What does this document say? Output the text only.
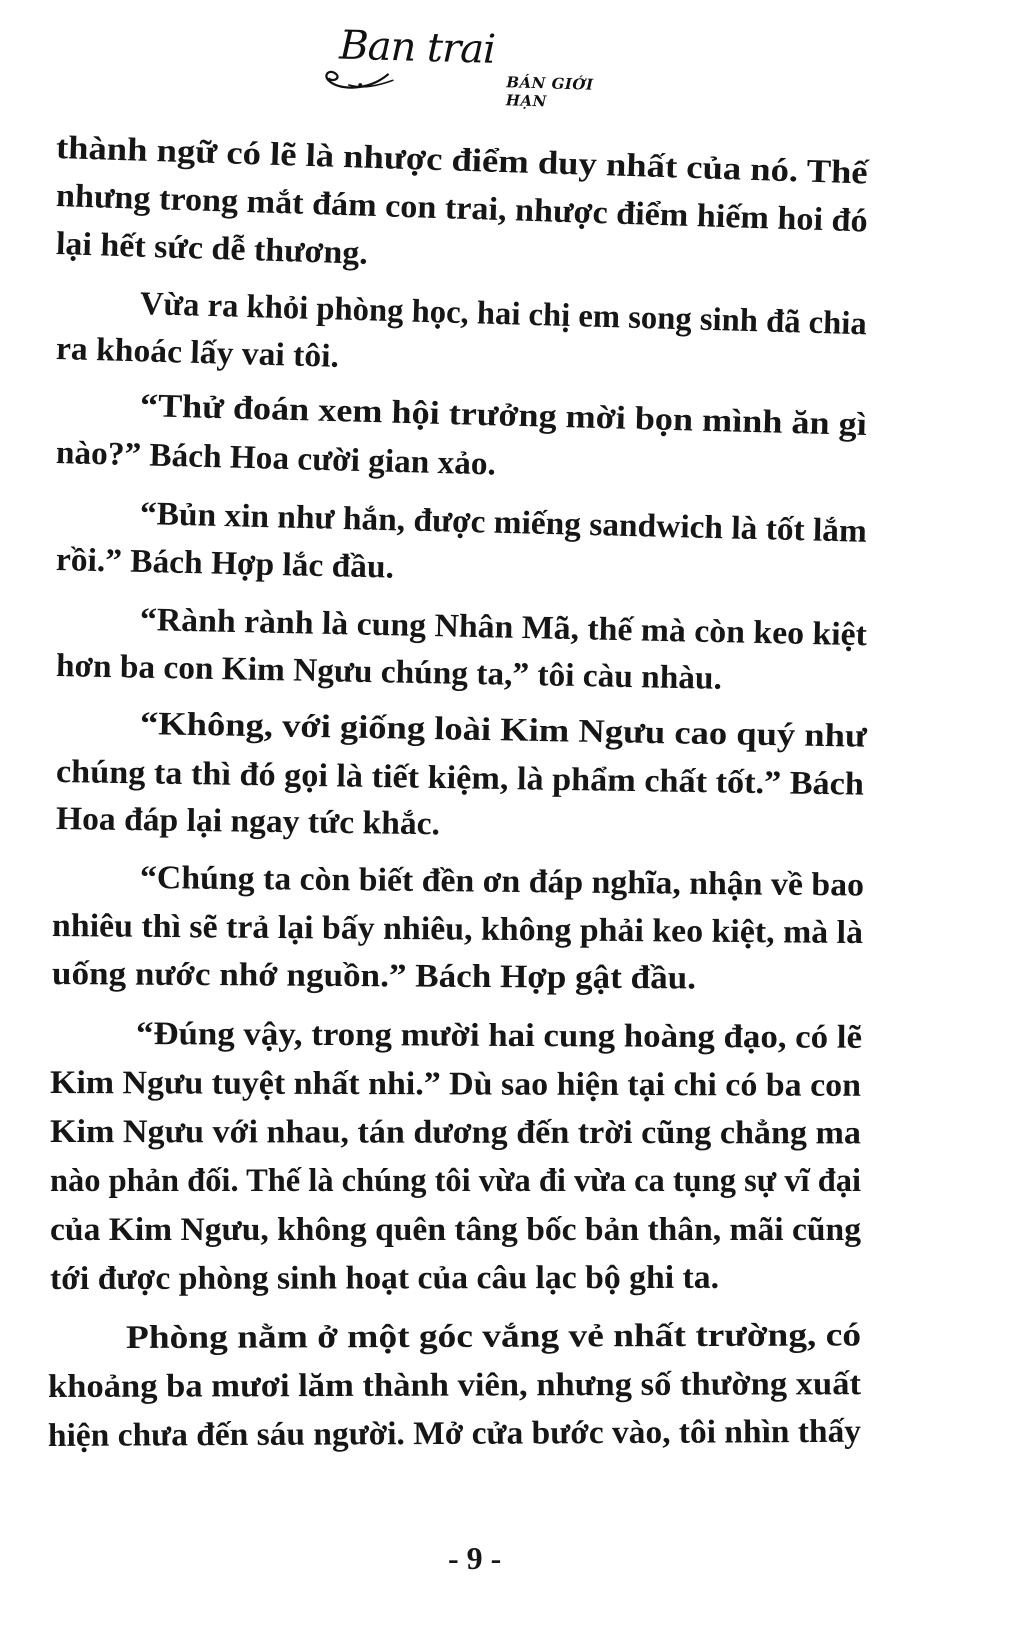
Ban trai
BÁN GIỚI HẠN
thành ngữ có lẽ là nhược điểm duy nhất của nó. Thế
nhưng trong mắt đám con trai, nhược điểm hiếm hoi đó
lại hết sức dễ thương.
Vừa ra khỏi phòng học, hai chị em song sinh đã chia
ra khoác lấy vai tôi.
“Thử đoán xem hội trưởng mời bọn mình ăn gì
nào?” Bách Hoa cười gian xảo.
“Bủn xin như hắn, được miếng sandwich là tốt lắm
rồi.” Bách Hợp lắc đầu.
“Rành rành là cung Nhân Mã, thế mà còn keo kiệt
hơn ba con Kim Ngưu chúng ta,” tôi càu nhàu.
“Không, với giống loài Kim Ngưu cao quý như
chúng ta thì đó gọi là tiết kiệm, là phẩm chất tốt.” Bách
Hoa đáp lại ngay tức khắc.
“Chúng ta còn biết đền ơn đáp nghĩa, nhận về bao
nhiêu thì sẽ trả lại bấy nhiêu, không phải keo kiệt, mà là
uống nước nhớ nguồn.” Bách Hợp gật đầu.
“Đúng vậy, trong mười hai cung hoàng đạo, có lẽ
Kim Ngưu tuyệt nhất nhi.” Dù sao hiện tại chi có ba con
Kim Ngưu với nhau, tán dương đến trời cũng chẳng ma
nào phản đối. Thế là chúng tôi vừa đi vừa ca tụng sự vĩ đại
của Kim Ngưu, không quên tâng bốc bản thân, mãi cũng
tới được phòng sinh hoạt của câu lạc bộ ghi ta.
Phòng nằm ở một góc vắng vẻ nhất trường, có
khoảng ba mươi lăm thành viên, nhưng số thường xuất
hiện chưa đến sáu người. Mở cửa bước vào, tôi nhìn thấy
- 9 -
